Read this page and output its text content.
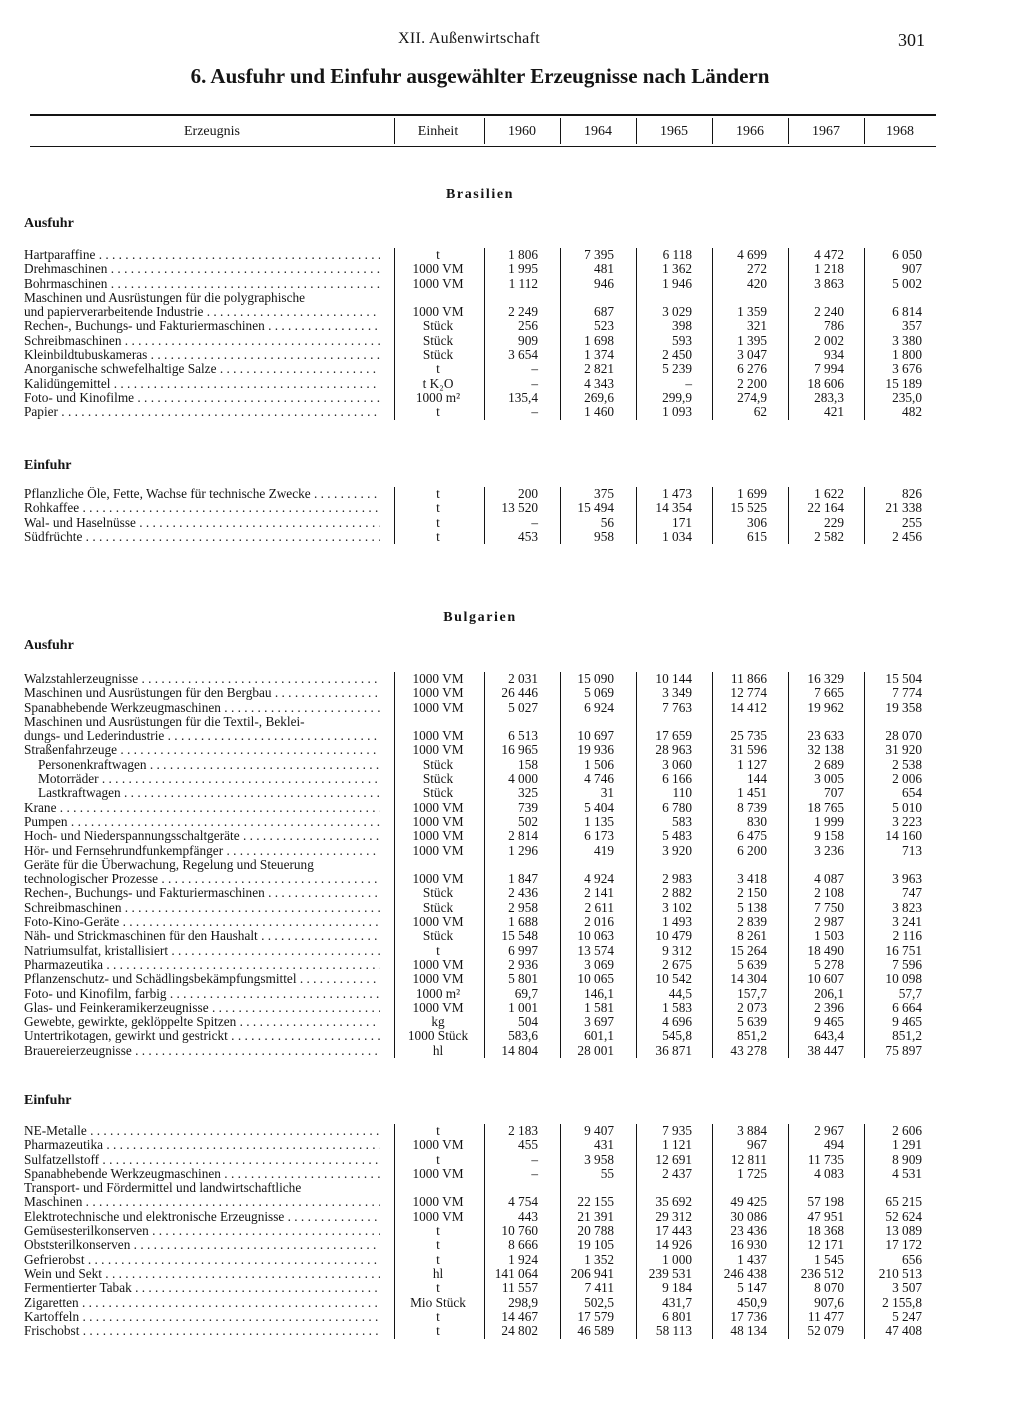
XII. Außenwirtschaft	301
6. Ausfuhr und Einfuhr ausgewählter Erzeugnisse nach Ländern
Erzeugnis	Einheit	1960	1964	1965	1966	1967	1968
Brasilien
Ausfuhr
Hartparaffine . . .	t	1 806	7 395	6 118	4 699	4 472	6 050
Drehmaschinen . . .	1000 VM	1 995	481	1 362	272	1 218	907
Bohrmaschinen . . .	1000 VM	1 112	946	1 946	420	3 863	5 002
Maschinen und Ausrüstungen für die polygraphische
und papierverarbeitende Industrie . . .	1000 VM	2 249	687	3 029	1 359	2 240	6 814
Rechen-, Buchungs- und Fakturiermaschinen . . .	Stück	256	523	398	321	786	357
Schreibmaschinen . . .	Stück	909	1 698	593	1 395	2 002	3 380
Kleinbildtubuskameras . . .	Stück	3 654	1 374	2 450	3 047	934	1 800
Anorganische schwefelhaltige Salze . . .	t	–	2 821	5 239	6 276	7 994	3 676
Kalidüngemittel . . .	t K₂O	–	4 343	–	2 200	18 606	15 189
Foto- und Kinofilme . . .	1000 m²	135,4	269,6	299,9	274,9	283,3	235,0
Papier . . .	t	–	1 460	1 093	62	421	482
Einfuhr
Pflanzliche Öle, Fette, Wachse für technische Zwecke . . .	t	200	375	1 473	1 699	1 622	826
Rohkaffee . . .	t	13 520	15 494	14 354	15 525	22 164	21 338
Wal- und Haselnüsse . . .	t	–	56	171	306	229	255
Südfrüchte . . .	t	453	958	1 034	615	2 582	2 456
Bulgarien
Ausfuhr
Walzstahlerzeugnisse . . .	1000 VM	2 031	15 090	10 144	11 866	16 329	15 504
Maschinen und Ausrüstungen für den Bergbau . . .	1000 VM	26 446	5 069	3 349	12 774	7 665	7 774
Spanabhebende Werkzeugmaschinen . . .	1000 VM	5 027	6 924	7 763	14 412	19 962	19 358
Maschinen und Ausrüstungen für die Textil-, Beklei-
dungs- und Lederindustrie . . .	1000 VM	6 513	10 697	17 659	25 735	23 633	28 070
Straßenfahrzeuge . . .	1000 VM	16 965	19 936	28 963	31 596	32 138	31 920
Personenkraftwagen . . .	Stück	158	1 506	3 060	1 127	2 689	2 538
Motorräder . . .	Stück	4 000	4 746	6 166	144	3 005	2 006
Lastkraftwagen . . .	Stück	325	31	110	1 451	707	654
Krane . . .	1000 VM	739	5 404	6 780	8 739	18 765	5 010
Pumpen . . .	1000 VM	502	1 135	583	830	1 999	3 223
Hoch- und Niederspannungsschaltgeräte . . .	1000 VM	2 814	6 173	5 483	6 475	9 158	14 160
Hör- und Fernsehrundfunkempfänger . . .	1000 VM	1 296	419	3 920	6 200	3 236	713
Geräte für die Überwachung, Regelung und Steuerung
technologischer Prozesse . . .	1000 VM	1 847	4 924	2 983	3 418	4 087	3 963
Rechen-, Buchungs- und Fakturiermaschinen . . .	Stück	2 436	2 141	2 882	2 150	2 108	747
Schreibmaschinen . . .	Stück	2 958	2 611	3 102	5 138	7 750	3 823
Foto-Kino-Geräte . . .	1000 VM	1 688	2 016	1 493	2 839	2 987	3 241
Näh- und Strickmaschinen für den Haushalt . . .	Stück	15 548	10 063	10 479	8 261	1 503	2 116
Natriumsulfat, kristallisiert . . .	t	6 997	13 574	9 312	15 264	18 490	16 751
Pharmazeutika . . .	1000 VM	2 936	3 069	2 675	5 639	5 278	7 596
Pflanzenschutz- und Schädlingsbekämpfungsmittel . . .	1000 VM	5 801	10 065	10 542	14 304	10 607	10 098
Foto- und Kinofilm, farbig . . .	1000 m²	69,7	146,1	44,5	157,7	206,1	57,7
Glas- und Feinkeramikerzeugnisse . . .	1000 VM	1 001	1 581	1 583	2 073	2 396	6 664
Gewebte, gewirkte, geklöppelte Spitzen . . .	kg	504	3 697	4 696	5 639	9 465	9 465
Untertrikotagen, gewirkt und gestrickt . . .	1000 Stück	583,6	601,1	545,8	851,2	643,4	851,2
Brauereierzeugnisse . . .	hl	14 804	28 001	36 871	43 278	38 447	75 897
Einfuhr
NE-Metalle . . .	t	2 183	9 407	7 935	3 884	2 967	2 606
Pharmazeutika . . .	1000 VM	455	431	1 121	967	494	1 291
Sulfatzellstoff . . .	t	–	3 958	12 691	12 811	11 735	8 909
Spanabhebende Werkzeugmaschinen . . .	1000 VM	–	55	2 437	1 725	4 083	4 531
Transport- und Fördermittel und landwirtschaftliche
Maschinen . . .	1000 VM	4 754	22 155	35 692	49 425	57 198	65 215
Elektrotechnische und elektronische Erzeugnisse . . .	1000 VM	443	21 391	29 312	30 086	47 951	52 624
Gemüsesterilkonserven . . .	t	10 760	20 788	17 443	23 436	18 368	13 089
Obststerilkonserven . . .	t	8 666	19 105	14 926	16 930	12 171	17 172
Gefrierobst . . .	t	1 924	1 352	1 000	1 437	1 545	656
Wein und Sekt . . .	hl	141 064	206 941	239 531	246 438	236 512	210 513
Fermentierter Tabak . . .	t	11 557	7 411	9 184	5 147	8 070	3 507
Zigaretten . . .	Mio Stück	298,9	502,5	431,7	450,9	907,6	2 155,8
Kartoffeln . . .	t	14 467	17 579	6 801	17 736	11 477	5 247
Frischobst . . .	t	24 802	46 589	58 113	48 134	52 079	47 408
